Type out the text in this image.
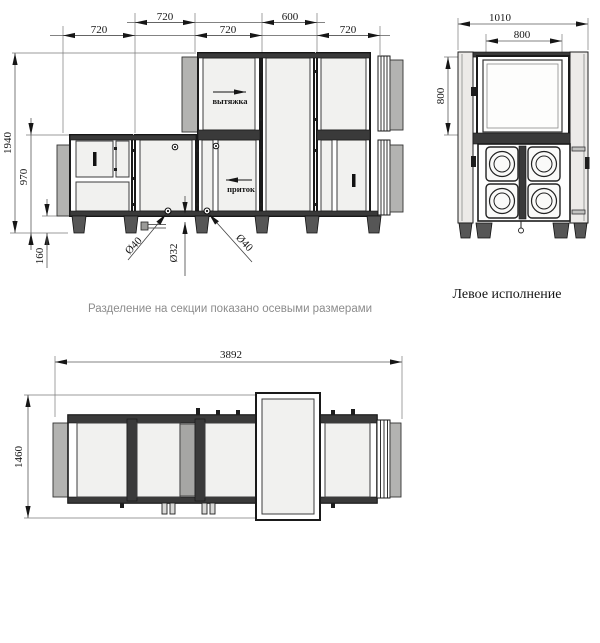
720	600
720	720	720
1940
970
160
вытяжка
приток
Ø40	Ø40
Ø32
1010
800
800
Левое исполнение
Разделение на секции показано осевыми размерами
3892
1460
